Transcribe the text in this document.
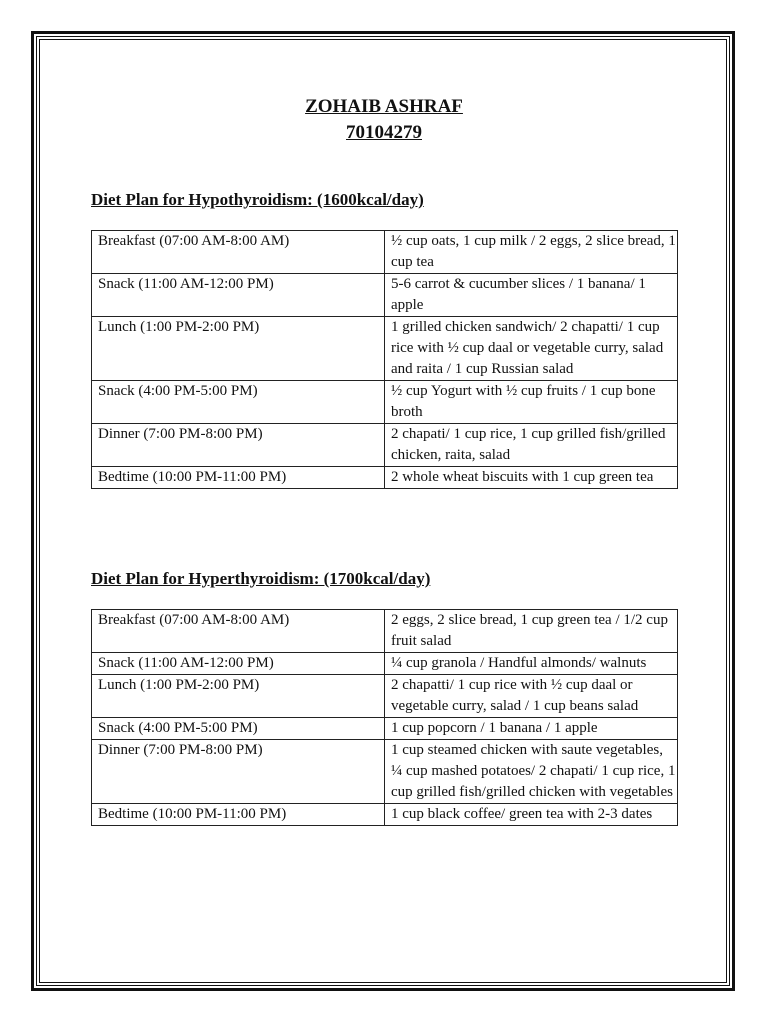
ZOHAIB ASHRAF
70104279
Diet Plan for Hypothyroidism: (1600kcal/day)
Breakfast (07:00 AM-8:00 AM)	½ cup oats, 1 cup milk / 2 eggs, 2 slice bread, 1 cup tea
Snack (11:00 AM-12:00 PM)	5-6 carrot & cucumber slices / 1 banana/ 1 apple
Lunch (1:00 PM-2:00 PM)	1 grilled chicken sandwich/ 2 chapatti/ 1 cup rice with ½ cup daal or vegetable curry, salad and raita / 1 cup Russian salad
Snack (4:00 PM-5:00 PM)	½ cup Yogurt with ½ cup fruits / 1 cup bone broth
Dinner (7:00 PM-8:00 PM)	2 chapati/ 1 cup rice, 1 cup grilled fish/grilled chicken, raita, salad
Bedtime (10:00 PM-11:00 PM)	2 whole wheat biscuits with 1 cup green tea
Diet Plan for Hyperthyroidism: (1700kcal/day)
Breakfast (07:00 AM-8:00 AM)	2 eggs, 2 slice bread, 1 cup green tea / 1/2 cup fruit salad
Snack (11:00 AM-12:00 PM)	¼ cup granola / Handful almonds/ walnuts
Lunch (1:00 PM-2:00 PM)	2 chapatti/ 1 cup rice with ½ cup daal or vegetable curry, salad / 1 cup beans salad
Snack (4:00 PM-5:00 PM)	1 cup popcorn / 1 banana / 1 apple
Dinner (7:00 PM-8:00 PM)	1 cup steamed chicken with saute vegetables, ¼ cup mashed potatoes/ 2 chapati/ 1 cup rice, 1 cup grilled fish/grilled chicken with vegetables
Bedtime (10:00 PM-11:00 PM)	1 cup black coffee/ green tea with 2-3 dates
